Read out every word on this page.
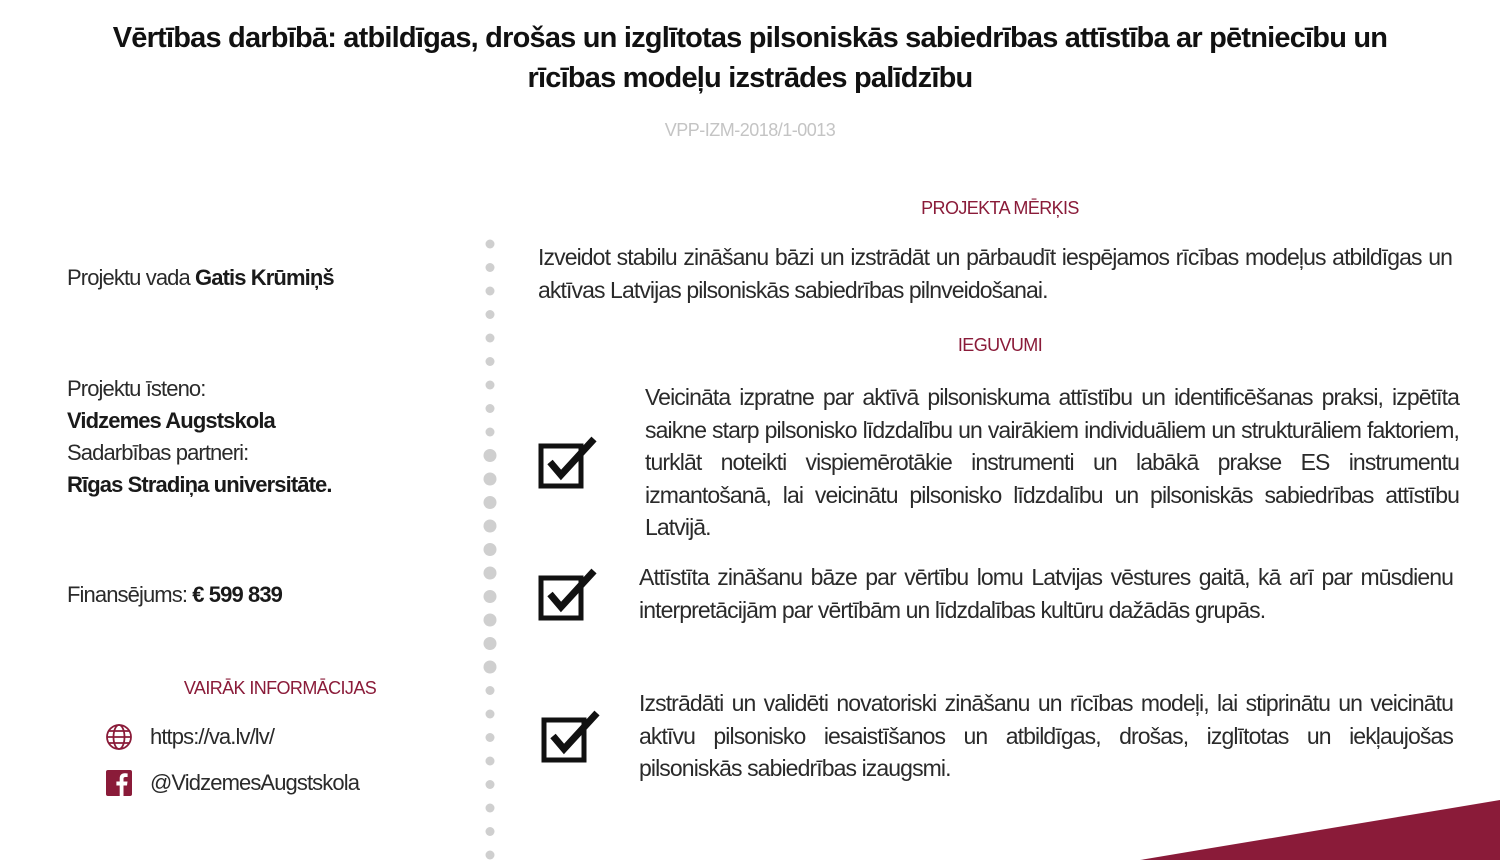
Vērtības darbībā: atbildīgas, drošas un izglītotas pilsoniskās sabiedrības attīstība ar pētniecību un rīcības modeļu izstrādes palīdzību
VPP-IZM-2018/1-0013
Projektu vada Gatis Krūmiņš
Projektu īsteno:
Vidzemes Augstskola
Sadarbības partneri:
Rīgas Stradiņa universitāte.
Finansējums: € 599 839
VAIRĀK INFORMĀCIJAS
https://va.lv/lv/
@VidzemesAugstskola
PROJEKTA MĒRĶIS
Izveidot stabilu zināšanu bāzi un izstrādāt un pārbaudīt iespējamos rīcības modeļus atbildīgas un aktīvas Latvijas pilsoniskās sabiedrības pilnveidošanai.
IEGUVUMI
Veicināta izpratne par aktīvā pilsoniskuma attīstību un identificēšanas praksi, izpētīta saikne starp pilsonisko līdzdalību un vairākiem individuāliem un strukturāliem faktoriem, turklāt noteikti vispiemērotākie instrumenti un labākā prakse ES instrumentu izmantošanā, lai veicinātu pilsonisko līdzdalību un pilsoniskās sabiedrības attīstību Latvijā.
Attīstīta zināšanu bāze par vērtību lomu Latvijas vēstures gaitā, kā arī par mūsdienu interpretācijām par vērtībām un līdzdalības kultūru dažādās grupās.
Izstrādāti un validēti novatoriski zināšanu un rīcības modeļi, lai stiprinātu un veicinātu aktīvu pilsonisko iesaistīšanos un atbildīgas, drošas, izglītotas un iekļaujošas pilsoniskās sabiedrības izaugsmi.
